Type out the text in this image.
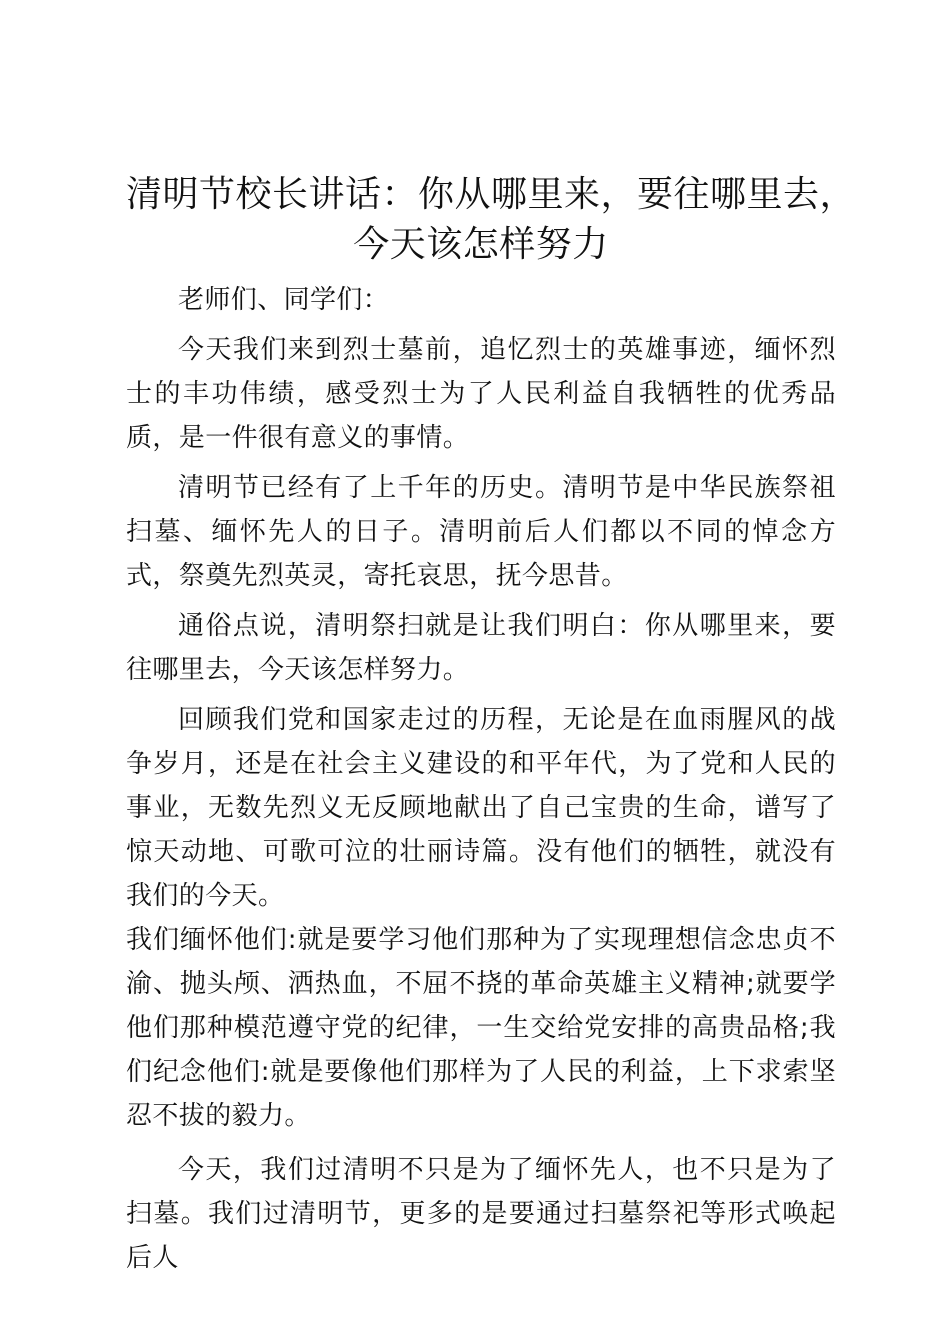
清明节校长讲话：你从哪里来，要往哪里去，
今天该怎样努力

老师们、同学们：

今天我们来到烈士墓前，追忆烈士的英雄事迹，缅怀烈士的丰功伟绩，感受烈士为了人民利益自我牺牲的优秀品质，是一件很有意义的事情。

清明节已经有了上千年的历史。清明节是中华民族祭祖扫墓、缅怀先人的日子。清明前后人们都以不同的悼念方式，祭奠先烈英灵，寄托哀思，抚今思昔。

通俗点说，清明祭扫就是让我们明白：你从哪里来，要往哪里去，今天该怎样努力。

回顾我们党和国家走过的历程，无论是在血雨腥风的战争岁月，还是在社会主义建设的和平年代，为了党和人民的事业，无数先烈义无反顾地献出了自己宝贵的生命，谱写了惊天动地、可歌可泣的壮丽诗篇。没有他们的牺牲，就没有我们的今天。

我们缅怀他们:就是要学习他们那种为了实现理想信念忠贞不渝、抛头颅、洒热血，不屈不挠的革命英雄主义精神;就要学他们那种模范遵守党的纪律，一生交给党安排的高贵品格;我们纪念他们:就是要像他们那样为了人民的利益，上下求索坚忍不拔的毅力。

今天，我们过清明不只是为了缅怀先人，也不只是为了扫墓。我们过清明节，更多的是要通过扫墓祭祀等形式唤起后人
